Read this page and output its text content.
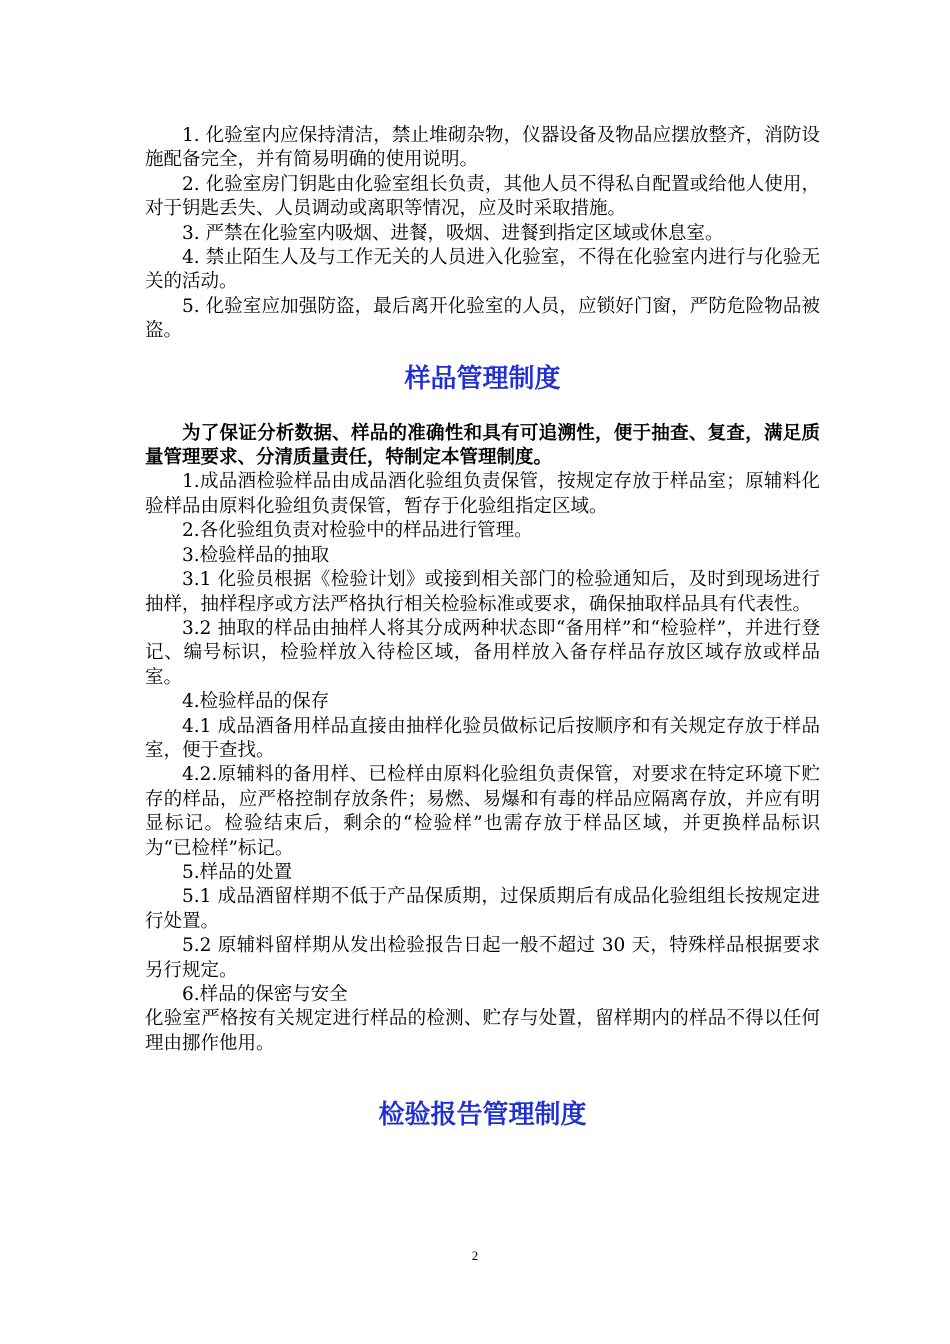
1. 化验室内应保持清洁，禁止堆砌杂物，仪器设备及物品应摆放整齐，消防设施配备完全，并有简易明确的使用说明。

2. 化验室房门钥匙由化验室组长负责，其他人员不得私自配置或给他人使用，对于钥匙丢失、人员调动或离职等情况，应及时采取措施。

3. 严禁在化验室内吸烟、进餐，吸烟、进餐到指定区域或休息室。

4. 禁止陌生人及与工作无关的人员进入化验室，不得在化验室内进行与化验无关的活动。

5. 化验室应加强防盗，最后离开化验室的人员，应锁好门窗，严防危险物品被盗。

样品管理制度

为了保证分析数据、样品的准确性和具有可追溯性，便于抽查、复查，满足质量管理要求、分清质量责任，特制定本管理制度。

1.成品酒检验样品由成品酒化验组负责保管，按规定存放于样品室；原辅料化验样品由原料化验组负责保管，暂存于化验组指定区域。

2.各化验组负责对检验中的样品进行管理。

3.检验样品的抽取

3.1 化验员根据《检验计划》或接到相关部门的检验通知后，及时到现场进行抽样，抽样程序或方法严格执行相关检验标准或要求，确保抽取样品具有代表性。

3.2 抽取的样品由抽样人将其分成两种状态即“备用样”和“检验样”，并进行登记、编号标识，检验样放入待检区域，备用样放入备存样品存放区域存放或样品室。

4.检验样品的保存

4.1 成品酒备用样品直接由抽样化验员做标记后按顺序和有关规定存放于样品室，便于查找。

4.2.原辅料的备用样、已检样由原料化验组负责保管，对要求在特定环境下贮存的样品，应严格控制存放条件；易燃、易爆和有毒的样品应隔离存放，并应有明显标记。检验结束后，剩余的“检验样”也需存放于样品区域，并更换样品标识为“已检样”标记。

5.样品的处置

5.1 成品酒留样期不低于产品保质期，过保质期后有成品化验组组长按规定进行处置。

5.2 原辅料留样期从发出检验报告日起一般不超过 30 天，特殊样品根据要求另行规定。

6.样品的保密与安全

化验室严格按有关规定进行样品的检测、贮存与处置，留样期内的样品不得以任何理由挪作他用。

检验报告管理制度
2
